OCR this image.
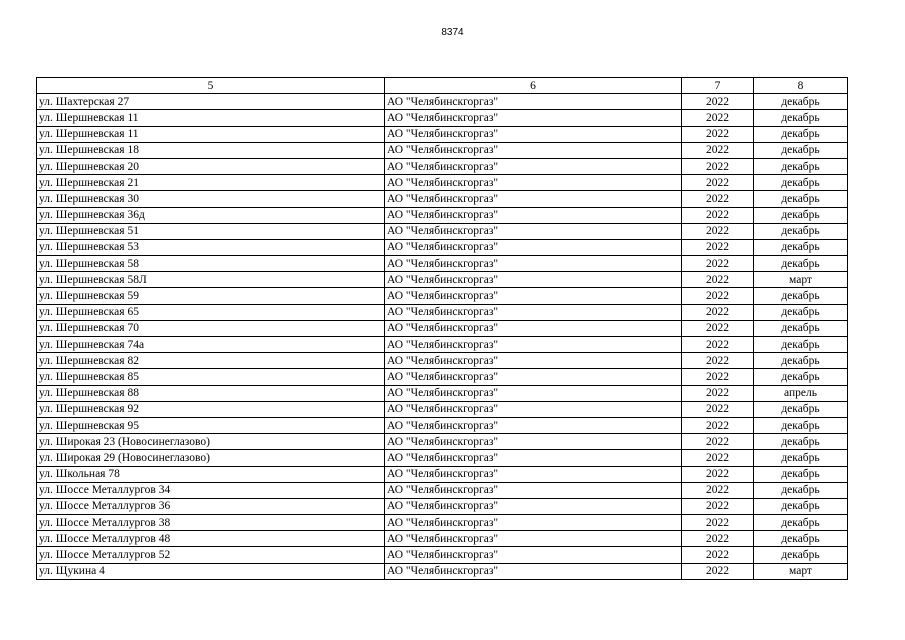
8374
5	6	7	8
ул. Шахтерская 27	АО "Челябинскгоргаз"	2022	декабрь
ул. Шершневская 11	АО "Челябинскгоргаз"	2022	декабрь
ул. Шершневская 11	АО "Челябинскгоргаз"	2022	декабрь
ул. Шершневская 18	АО "Челябинскгоргаз"	2022	декабрь
ул. Шершневская 20	АО "Челябинскгоргаз"	2022	декабрь
ул. Шершневская 21	АО "Челябинскгоргаз"	2022	декабрь
ул. Шершневская 30	АО "Челябинскгоргаз"	2022	декабрь
ул. Шершневская 36д	АО "Челябинскгоргаз"	2022	декабрь
ул. Шершневская 51	АО "Челябинскгоргаз"	2022	декабрь
ул. Шершневская 53	АО "Челябинскгоргаз"	2022	декабрь
ул. Шершневская 58	АО "Челябинскгоргаз"	2022	декабрь
ул. Шершневская 58Л	АО "Челябинскгоргаз"	2022	март
ул. Шершневская 59	АО "Челябинскгоргаз"	2022	декабрь
ул. Шершневская 65	АО "Челябинскгоргаз"	2022	декабрь
ул. Шершневская 70	АО "Челябинскгоргаз"	2022	декабрь
ул. Шершневская 74а	АО "Челябинскгоргаз"	2022	декабрь
ул. Шершневская 82	АО "Челябинскгоргаз"	2022	декабрь
ул. Шершневская 85	АО "Челябинскгоргаз"	2022	декабрь
ул. Шершневская 88	АО "Челябинскгоргаз"	2022	апрель
ул. Шершневская 92	АО "Челябинскгоргаз"	2022	декабрь
ул. Шершневская 95	АО "Челябинскгоргаз"	2022	декабрь
ул. Широкая 23 (Новосинеглазово)	АО "Челябинскгоргаз"	2022	декабрь
ул. Широкая 29 (Новосинеглазово)	АО "Челябинскгоргаз"	2022	декабрь
ул. Школьная 78	АО "Челябинскгоргаз"	2022	декабрь
ул. Шоссе Металлургов 34	АО "Челябинскгоргаз"	2022	декабрь
ул. Шоссе Металлургов 36	АО "Челябинскгоргаз"	2022	декабрь
ул. Шоссе Металлургов 38	АО "Челябинскгоргаз"	2022	декабрь
ул. Шоссе Металлургов 48	АО "Челябинскгоргаз"	2022	декабрь
ул. Шоссе Металлургов 52	АО "Челябинскгоргаз"	2022	декабрь
ул. Щукина 4	АО "Челябинскгоргаз"	2022	март
